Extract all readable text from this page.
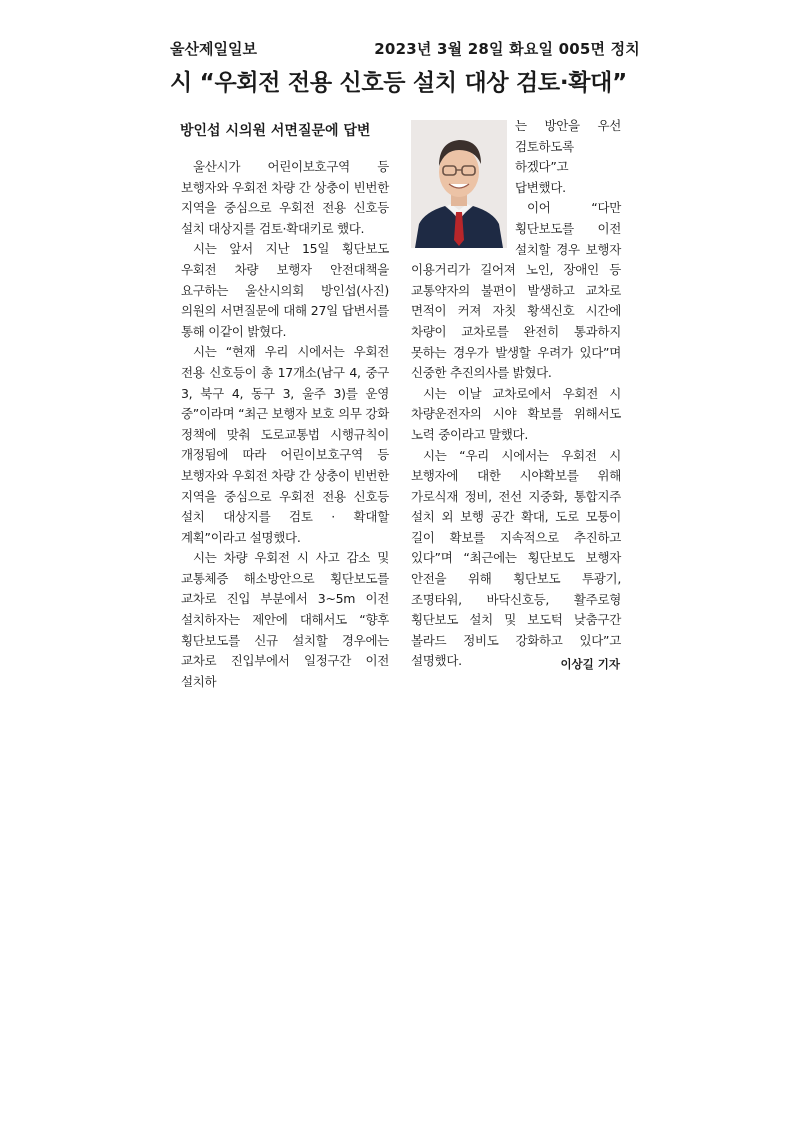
울산제일일보	2023년 3월 28일 화요일 005면 정치
시 “우회전 전용 신호등 설치 대상 검토·확대”
방인섭 시의원 서면질문에 답변

울산시가 어린이보호구역 등 보행자와 우회전 차량 간 상충이 빈번한 지역을 중심으로 우회전 전용 신호등 설치 대상지를 검토·확대키로 했다.

시는 앞서 지난 15일 횡단보도 우회전 차량 보행자 안전대책을 요구하는 울산시의회 방인섭(사진) 의원의 서면질문에 대해 27일 답변서를 통해 이같이 밝혔다.

시는 “현재 우리 시에서는 우회전 전용 신호등이 총 17개소(남구 4, 중구 3, 북구 4, 동구 3, 울주 3)를 운영 중”이라며 “최근 보행자 보호 의무 강화 정책에 맞춰 도로교통법 시행규칙이 개정됨에 따라 어린이보호구역 등 보행자와 우회전 차량 간 상충이 빈번한 지역을 중심으로 우회전 전용 신호등 설치 대상지를 검토 · 확대할 계획”이라고 설명했다.

시는 차량 우회전 시 사고 감소 및 교통체증 해소방안으로 횡단보도를 교차로 진입 부분에서 3~5m 이전 설치하자는 제안에 대해서도 “향후 횡단보도를 신규 설치할 경우에는 교차로 진입부에서 일정구간 이전 설치하

는 방안을 우선 검토하도록 하겠다”고 답변했다.

이어 “다만 횡단보도를 이전 설치할 경우 보행자 이용거리가 길어져 노인, 장애인 등 교통약자의 불편이 발생하고 교차로 면적이 커져 자칫 황색신호 시간에 차량이 교차로를 완전히 통과하지 못하는 경우가 발생할 우려가 있다”며 신중한 추진의사를 밝혔다.

시는 이날 교차로에서 우회전 시 차량운전자의 시야 확보를 위해서도 노력 중이라고 말했다.

시는 “우리 시에서는 우회전 시 보행자에 대한 시야확보를 위해 가로식재 정비, 전선 지중화, 통합지주 설치 외 보행 공간 확대, 도로 모퉁이 길이 확보를 지속적으로 추진하고 있다”며 “최근에는 횡단보도 보행자 안전을 위해 횡단보도 투광기, 조명타워, 바닥신호등, 활주로형 횡단보도 설치 및 보도턱 낮춤구간 볼라드 정비도 강화하고 있다”고 설명했다.	이상길 기자
